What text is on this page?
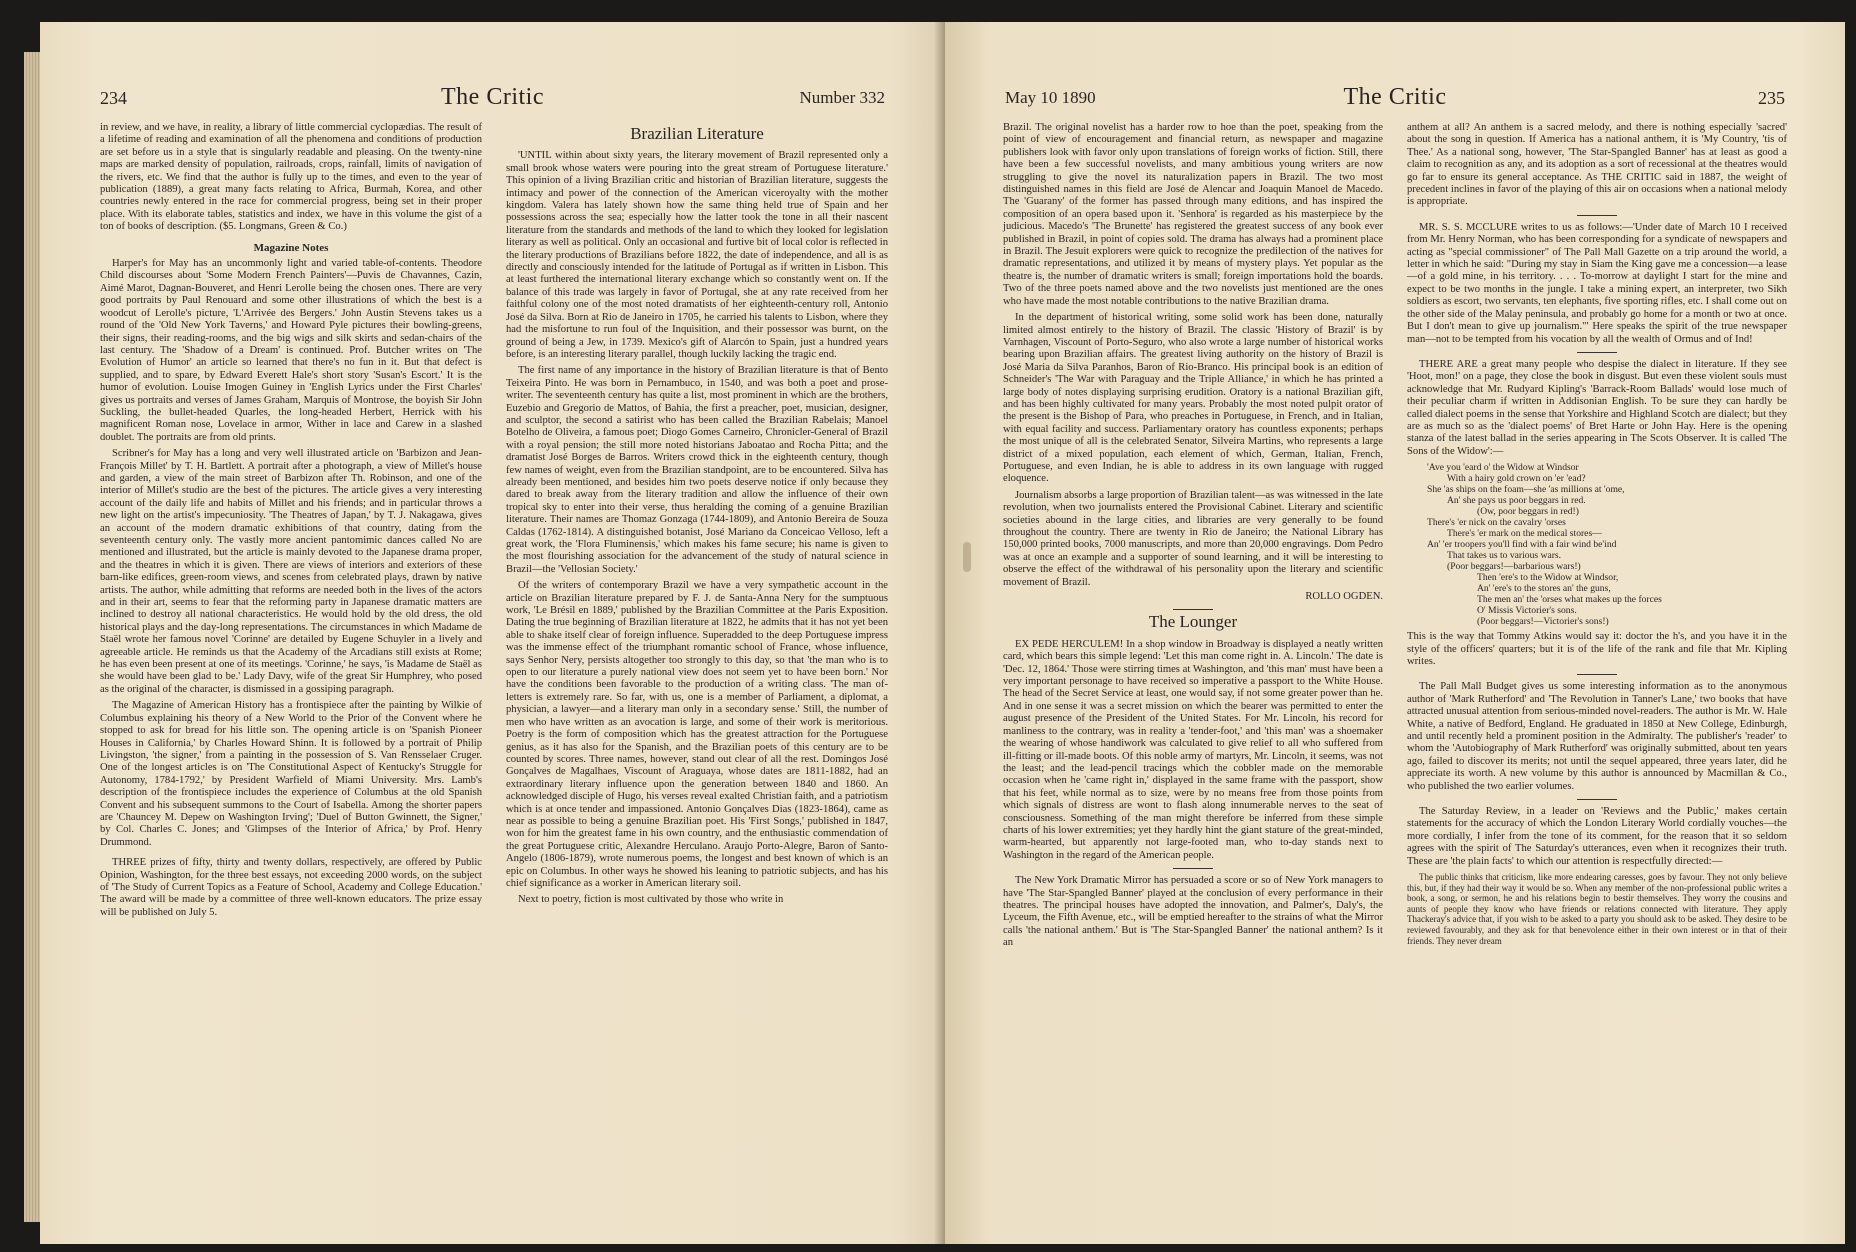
234	The Critic	Number 332

in review, and we have, in reality, a library of little commercial cyclopædias. The result of a lifetime of reading and examination of all the phenomena and conditions of production are set before us in a style that is singularly readable and pleasing. On the twenty-nine maps are marked density of population, railroads, crops, rainfall, limits of navigation of the rivers, etc. We find that the author is fully up to the times, and even to the year of publication (1889), a great many facts relating to Africa, Burmah, Korea, and other countries newly entered in the race for commercial progress, being set in their proper place. With its elaborate tables, statistics and index, we have in this volume the gist of a ton of books of description. ($5. Longmans, Green & Co.)

Magazine Notes

Harper's for May has an uncommonly light and varied table-of-contents. Theodore Child discourses about 'Some Modern French Painters'—Puvis de Chavannes, Cazin, Aimé Marot, Dagnan-Bouveret, and Henri Lerolle being the chosen ones. There are very good portraits by Paul Renouard and some other illustrations of which the best is a woodcut of Lerolle's picture, 'L'Arrivée des Bergers.' John Austin Stevens takes us a round of the 'Old New York Taverns,' and Howard Pyle pictures their bowling-greens, their signs, their reading-rooms, and the big wigs and silk skirts and sedan-chairs of the last century. The 'Shadow of a Dream' is continued. Prof. Butcher writes on 'The Evolution of Humor' an article so learned that there's no fun in it. But that defect is supplied, and to spare, by Edward Everett Hale's short story 'Susan's Escort.' It is the humor of evolution. Louise Imogen Guiney in 'English Lyrics under the First Charles' gives us portraits and verses of James Graham, Marquis of Montrose, the boyish Sir John Suckling, the bullet-headed Quarles, the long-headed Herbert, Herrick with his magnificent Roman nose, Lovelace in armor, Wither in lace and Carew in a slashed doublet. The portraits are from old prints.

Scribner's for May has a long and very well illustrated article on 'Barbizon and Jean-François Millet' by T. H. Bartlett. A portrait after a photograph, a view of Millet's house and garden, a view of the main street of Barbizon after Th. Robinson, and one of the interior of Millet's studio are the best of the pictures. The article gives a very interesting account of the daily life and habits of Millet and his friends; and in particular throws a new light on the artist's impecuniosity. 'The Theatres of Japan,' by T. J. Nakagawa, gives an account of the modern dramatic exhibitions of that country, dating from the seventeenth century only. The vastly more ancient pantomimic dances called No are mentioned and illustrated, but the article is mainly devoted to the Japanese drama proper, and the theatres in which it is given. There are views of interiors and exteriors of these barn-like edifices, green-room views, and scenes from celebrated plays, drawn by native artists. The author, while admitting that reforms are needed both in the lives of the actors and in their art, seems to fear that the reforming party in Japanese dramatic matters are inclined to destroy all national characteristics. He would hold by the old dress, the old historical plays and the day-long representations. The circumstances in which Madame de Staël wrote her famous novel 'Corinne' are detailed by Eugene Schuyler in a lively and agreeable article. He reminds us that the Academy of the Arcadians still exists at Rome; he has even been present at one of its meetings. 'Corinne,' he says, 'is Madame de Staël as she would have been glad to be.' Lady Davy, wife of the great Sir Humphrey, who posed as the original of the character, is dismissed in a gossiping paragraph.

The Magazine of American History has a frontispiece after the painting by Wilkie of Columbus explaining his theory of a New World to the Prior of the Convent where he stopped to ask for bread for his little son. The opening article is on 'Spanish Pioneer Houses in California,' by Charles Howard Shinn. It is followed by a portrait of Philip Livingston, 'the signer,' from a painting in the possession of S. Van Rensselaer Cruger. One of the longest articles is on 'The Constitutional Aspect of Kentucky's Struggle for Autonomy, 1784-1792,' by President Warfield of Miami University. Mrs. Lamb's description of the frontispiece includes the experience of Columbus at the old Spanish Convent and his subsequent summons to the Court of Isabella. Among the shorter papers are 'Chauncey M. Depew on Washington Irving'; 'Duel of Button Gwinnett, the Signer,' by Col. Charles C. Jones; and 'Glimpses of the Interior of Africa,' by Prof. Henry Drummond.

THREE prizes of fifty, thirty and twenty dollars, respectively, are offered by Public Opinion, Washington, for the three best essays, not exceeding 2000 words, on the subject of 'The Study of Current Topics as a Feature of School, Academy and College Education.' The award will be made by a committee of three well-known educators. The prize essay will be published on July 5.

Brazilian Literature

'UNTIL within about sixty years, the literary movement of Brazil represented only a small brook whose waters were pouring into the great stream of Portuguese literature.' This opinion of a living Brazilian critic and historian of Brazilian literature, suggests the intimacy and power of the connection of the American viceroyalty with the mother kingdom. Valera has lately shown how the same thing held true of Spain and her possessions across the sea; especially how the latter took the tone in all their nascent literature from the standards and methods of the land to which they looked for legislation literary as well as political. Only an occasional and furtive bit of local color is reflected in the literary productions of Brazilians before 1822, the date of independence, and all is as directly and consciously intended for the latitude of Portugal as if written in Lisbon. This at least furthered the international literary exchange which so constantly went on. If the balance of this trade was largely in favor of Portugal, she at any rate received from her faithful colony one of the most noted dramatists of her eighteenth-century roll, Antonio José da Silva. Born at Rio de Janeiro in 1705, he carried his talents to Lisbon, where they had the misfortune to run foul of the Inquisition, and their possessor was burnt, on the ground of being a Jew, in 1739. Mexico's gift of Alarcón to Spain, just a hundred years before, is an interesting literary parallel, though luckily lacking the tragic end.

The first name of any importance in the history of Brazilian literature is that of Bento Teixeira Pinto. He was born in Pernambuco, in 1540, and was both a poet and prose-writer. The seventeenth century has quite a list, most prominent in which are the brothers, Euzebio and Gregorio de Mattos, of Bahia, the first a preacher, poet, musician, designer, and sculptor, the second a satirist who has been called the Brazilian Rabelais; Manoel Botelho de Oliveira, a famous poet; Diogo Gomes Carneiro, Chronicler-General of Brazil with a royal pension; the still more noted historians Jaboatao and Rocha Pitta; and the dramatist José Borges de Barros. Writers crowd thick in the eighteenth century, though few names of weight, even from the Brazilian standpoint, are to be encountered. Silva has already been mentioned, and besides him two poets deserve notice if only because they dared to break away from the literary tradition and allow the influence of their own tropical sky to enter into their verse, thus heralding the coming of a genuine Brazilian literature. Their names are Thomaz Gonzaga (1744-1809), and Antonio Bereira de Souza Caldas (1762-1814). A distinguished botanist, José Mariano da Conceicao Velloso, left a great work, the 'Flora Fluminensis,' which makes his fame secure; his name is given to the most flourishing association for the advancement of the study of natural science in Brazil—the 'Vellosian Society.'

Of the writers of contemporary Brazil we have a very sympathetic account in the article on Brazilian literature prepared by F. J. de Santa-Anna Nery for the sumptuous work, 'Le Brésil en 1889,' published by the Brazilian Committee at the Paris Exposition. Dating the true beginning of Brazilian literature at 1822, he admits that it has not yet been able to shake itself clear of foreign influence. Superadded to the deep Portuguese impress was the immense effect of the triumphant romantic school of France, whose influence, says Senhor Nery, persists altogether too strongly to this day, so that 'the man who is to open to our literature a purely national view does not seem yet to have been born.' Nor have the conditions been favorable to the production of a writing class. 'The man of-letters is extremely rare. So far, with us, one is a member of Parliament, a diplomat, a physician, a lawyer—and a literary man only in a secondary sense.' Still, the number of men who have written as an avocation is large, and some of their work is meritorious. Poetry is the form of composition which has the greatest attraction for the Portuguese genius, as it has also for the Spanish, and the Brazilian poets of this century are to be counted by scores. Three names, however, stand out clear of all the rest. Domingos José Gonçalves de Magalhaes, Viscount of Araguaya, whose dates are 1811-1882, had an extraordinary literary influence upon the generation between 1840 and 1860. An acknowledged disciple of Hugo, his verses reveal exalted Christian faith, and a patriotism which is at once tender and impassioned. Antonio Gonçalves Dias (1823-1864), came as near as possible to being a genuine Brazilian poet. His 'First Songs,' published in 1847, won for him the greatest fame in his own country, and the enthusiastic commendation of the great Portuguese critic, Alexandre Herculano. Araujo Porto-Alegre, Baron of Santo-Angelo (1806-1879), wrote numerous poems, the longest and best known of which is an epic on Columbus. In other ways he showed his leaning to patriotic subjects, and has his chief significance as a worker in American literary soil.

Next to poetry, fiction is most cultivated by those who write in

May 10 1890	The Critic	235

Brazil. The original novelist has a harder row to hoe than the poet, speaking from the point of view of encouragement and financial return, as newspaper and magazine publishers look with favor only upon translations of foreign works of fiction. Still, there have been a few successful novelists, and many ambitious young writers are now struggling to give the novel its naturalization papers in Brazil. The two most distinguished names in this field are José de Alencar and Joaquin Manoel de Macedo. The 'Guarany' of the former has passed through many editions, and has inspired the composition of an opera based upon it. 'Senhora' is regarded as his masterpiece by the judicious. Macedo's 'The Brunette' has registered the greatest success of any book ever published in Brazil, in point of copies sold. The drama has always had a prominent place in Brazil. The Jesuit explorers were quick to recognize the predilection of the natives for dramatic representations, and utilized it by means of mystery plays. Yet popular as the theatre is, the number of dramatic writers is small; foreign importations hold the boards. Two of the three poets named above and the two novelists just mentioned are the ones who have made the most notable contributions to the native Brazilian drama.

In the department of historical writing, some solid work has been done, naturally limited almost entirely to the history of Brazil. The classic 'History of Brazil' is by Varnhagen, Viscount of Porto-Seguro, who also wrote a large number of historical works bearing upon Brazilian affairs. The greatest living authority on the history of Brazil is José Maria da Silva Paranhos, Baron of Rio-Branco. His principal book is an edition of Schneider's 'The War with Paraguay and the Triple Alliance,' in which he has printed a large body of notes displaying surprising erudition. Oratory is a national Brazilian gift, and has been highly cultivated for many years. Probably the most noted pulpit orator of the present is the Bishop of Para, who preaches in Portuguese, in French, and in Italian, with equal facility and success. Parliamentary oratory has countless exponents; perhaps the most unique of all is the celebrated Senator, Silveira Martins, who represents a large district of a mixed population, each element of which, German, Italian, French, Portuguese, and even Indian, he is able to address in its own language with rugged eloquence.

Journalism absorbs a large proportion of Brazilian talent—as was witnessed in the late revolution, when two journalists entered the Provisional Cabinet. Literary and scientific societies abound in the large cities, and libraries are very generally to be found throughout the country. There are twenty in Rio de Janeiro; the National Library has 150,000 printed books, 7000 manuscripts, and more than 20,000 engravings. Dom Pedro was at once an example and a supporter of sound learning, and it will be interesting to observe the effect of the withdrawal of his personality upon the literary and scientific movement of Brazil.

ROLLO OGDEN.
The Lounger

EX PEDE HERCULEM! In a shop window in Broadway is displayed a neatly written card, which bears this simple legend: 'Let this man come right in. A. Lincoln.' The date is 'Dec. 12, 1864.' Those were stirring times at Washington, and 'this man' must have been a very important personage to have received so imperative a passport to the White House. The head of the Secret Service at least, one would say, if not some greater power than he. And in one sense it was a secret mission on which the bearer was permitted to enter the august presence of the President of the United States. For Mr. Lincoln, his record for manliness to the contrary, was in reality a 'tender-foot,' and 'this man' was a shoemaker the wearing of whose handiwork was calculated to give relief to all who suffered from ill-fitting or ill-made boots. Of this noble army of martyrs, Mr. Lincoln, it seems, was not the least; and the lead-pencil tracings which the cobbler made on the memorable occasion when he 'came right in,' displayed in the same frame with the passport, show that his feet, while normal as to size, were by no means free from those points from which signals of distress are wont to flash along innumerable nerves to the seat of consciousness. Something of the man might therefore be inferred from these simple charts of his lower extremities; yet they hardly hint the giant stature of the great-minded, warm-hearted, but apparently not large-footed man, who to-day stands next to Washington in the regard of the American people.

The New York Dramatic Mirror has persuaded a score or so of New York managers to have 'The Star-Spangled Banner' played at the conclusion of every performance in their theatres. The principal houses have adopted the innovation, and Palmer's, Daly's, the Lyceum, the Fifth Avenue, etc., will be emptied hereafter to the strains of what the Mirror calls 'the national anthem.' But is 'The Star-Spangled Banner' the national anthem? Is it an

anthem at all? An anthem is a sacred melody, and there is nothing especially 'sacred' about the song in question. If America has a national anthem, it is 'My Country, 'tis of Thee.' As a national song, however, 'The Star-Spangled Banner' has at least as good a claim to recognition as any, and its adoption as a sort of recessional at the theatres would go far to ensure its general acceptance. As THE CRITIC said in 1887, the weight of precedent inclines in favor of the playing of this air on occasions when a national melody is appropriate.

MR. S. S. MCCLURE writes to us as follows:—'Under date of March 10 I received from Mr. Henry Norman, who has been corresponding for a syndicate of newspapers and acting as "special commissioner" of The Pall Mall Gazette on a trip around the world, a letter in which he said: "During my stay in Siam the King gave me a concession—a lease—of a gold mine, in his territory. . . . To-morrow at daylight I start for the mine and expect to be two months in the jungle. I take a mining expert, an interpreter, two Sikh soldiers as escort, two servants, ten elephants, five sporting rifles, etc. I shall come out on the other side of the Malay peninsula, and probably go home for a month or two at once. But I don't mean to give up journalism."' Here speaks the spirit of the true newspaper man—not to be tempted from his vocation by all the wealth of Ormus and of Ind!

THERE ARE a great many people who despise the dialect in literature. If they see 'Hoot, mon!' on a page, they close the book in disgust. But even these violent souls must acknowledge that Mr. Rudyard Kipling's 'Barrack-Room Ballads' would lose much of their peculiar charm if written in Addisonian English. To be sure they can hardly be called dialect poems in the sense that Yorkshire and Highland Scotch are dialect; but they are as much so as the 'dialect poems' of Bret Harte or John Hay. Here is the opening stanza of the latest ballad in the series appearing in The Scots Observer. It is called 'The Sons of the Widow':—

'Ave you 'eard o' the Widow at Windsor
With a hairy gold crown on 'er 'ead?
She 'as ships on the foam—she 'as millions at 'ome,
An' she pays us poor beggars in red.
(Ow, poor beggars in red!)
There's 'er nick on the cavalry 'orses
There's 'er mark on the medical stores—
An' 'er troopers you'll find with a fair wind be'ind
That takes us to various wars.
(Poor beggars!—barbarious wars!)
Then 'ere's to the Widow at Windsor,
An' 'ere's to the stores an' the guns,
The men an' the 'orses what makes up the forces
O' Missis Victorier's sons.
(Poor beggars!—Victorier's sons!)

This is the way that Tommy Atkins would say it: doctor the h's, and you have it in the style of the officers' quarters; but it is of the life of the rank and file that Mr. Kipling writes.

The Pall Mall Budget gives us some interesting information as to the anonymous author of 'Mark Rutherford' and 'The Revolution in Tanner's Lane,' two books that have attracted unusual attention from serious-minded novel-readers. The author is Mr. W. Hale White, a native of Bedford, England. He graduated in 1850 at New College, Edinburgh, and until recently held a prominent position in the Admiralty. The publisher's 'reader' to whom the 'Autobiography of Mark Rutherford' was originally submitted, about ten years ago, failed to discover its merits; not until the sequel appeared, three years later, did he appreciate its worth. A new volume by this author is announced by Macmillan & Co., who published the two earlier volumes.

The Saturday Review, in a leader on 'Reviews and the Public,' makes certain statements for the accuracy of which the London Literary World cordially vouches—the more cordially, I infer from the tone of its comment, for the reason that it so seldom agrees with the spirit of The Saturday's utterances, even when it recognizes their truth. These are 'the plain facts' to which our attention is respectfully directed:—

The public thinks that criticism, like more endearing caresses, goes by favour. They not only believe this, but, if they had their way it would be so. When any member of the non-professional public writes a book, a song, or sermon, he and his relations begin to bestir themselves. They worry the cousins and aunts of people they know who have friends or relations connected with literature. They apply Thackeray's advice that, if you wish to be asked to a party you should ask to be asked. They desire to be reviewed favourably, and they ask for that benevolence either in their own interest or in that of their friends. They never dream
